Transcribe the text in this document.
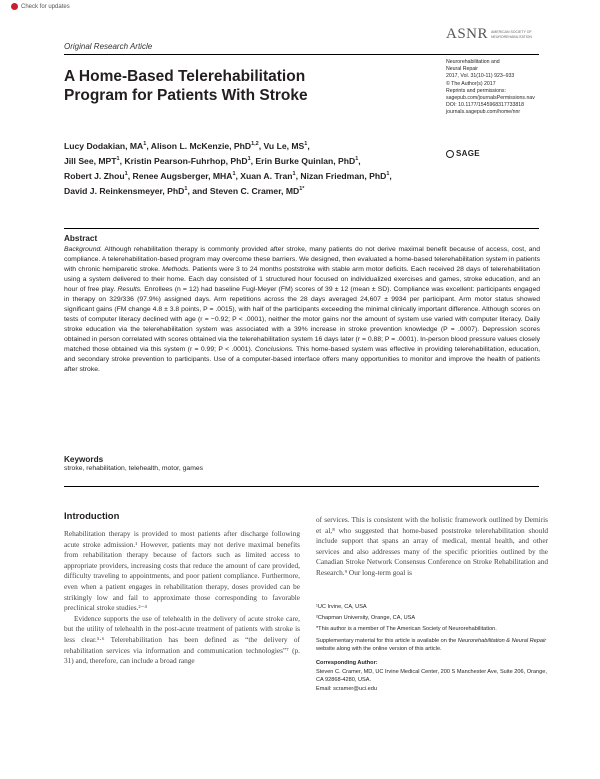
Check for updates
Original Research Article
ASNR AMERICAN SOCIETY OF NEUROREHABILITATION
A Home-Based Telerehabilitation Program for Patients With Stroke
Neurorehabilitation and
Neural Repair
2017, Vol. 31(10-11) 923–933
© The Author(s) 2017
Reprints and permissions:
sagepub.com/journalsPermissions.nav
DOI: 10.1177/1545968317733818
journals.sagepub.com/home/nnr
SAGE
Lucy Dodakian, $MA^1$, Alison L. McKenzie, PhD$^{1,2}$, Vu Le, $MS^1$,
Jill See, MPT$^1$, Kristin Pearson-Fuhrhop, PhD$^1$, Erin Burke Quinlan, PhD$^1$,
Robert J. Zhou$^1$, Renee Augsberger, MHA$^1$, Xuan A. Tran$^1$, Nizan Friedman, PhD$^1$,
David J. Reinkensmeyer, PhD$^1$, and Steven C. Cramer, $MD^{1*}$
Abstract

Background. Although rehabilitation therapy is commonly provided after stroke, many patients do not derive maximal benefit because of access, cost, and compliance. A telerehabilitation-based program may overcome these barriers. We designed, then evaluated a home-based telerehabilitation system in patients with chronic hemiparetic stroke. Methods. Patients were 3 to 24 months poststroke with stable arm motor deficits. Each received 28 days of telerehabilitation using a system delivered to their home. Each day consisted of 1 structured hour focused on individualized exercises and games, stroke education, and an hour of free play. Results. Enrollees (n = 12) had baseline Fugl-Meyer (FM) scores of 39 ± 12 (mean ± SD). Compliance was excellent: participants engaged in therapy on 329/336 (97.9%) assigned days. Arm repetitions across the 28 days averaged 24,607 ± 9934 per participant. Arm motor status showed significant gains (FM change 4.8 ± 3.8 points, P = .0015), with half of the participants exceeding the minimal clinically important difference. Although scores on tests of computer literacy declined with age (r = −0.92; P < .0001), neither the motor gains nor the amount of system use varied with computer literacy. Daily stroke education via the telerehabilitation system was associated with a 39% increase in stroke prevention knowledge (P = .0007). Depression scores obtained in person correlated with scores obtained via the telerehabilitation system 16 days later (r = 0.88; P = .0001). In-person blood pressure values closely matched those obtained via this system (r = 0.99; P < .0001). Conclusions. This home-based system was effective in providing telerehabilitation, education, and secondary stroke prevention to participants. Use of a computer-based interface offers many opportunities to monitor and improve the health of patients after stroke.

Keywords
stroke, rehabilitation, telehealth, motor, games
Introduction

Rehabilitation therapy is provided to most patients after discharge following acute stroke admission.¹ However, patients may not derive maximal benefits from rehabilitation therapy because of factors such as limited access to appropriate providers, increasing costs that reduce the amount of care provided, difficulty traveling to appointments, and poor patient compliance. Furthermore, even when a patient engages in rehabilitation therapy, doses provided can be strikingly low and fail to approximate those corresponding to favorable preclinical stroke studies.²⁻⁴

Evidence supports the use of telehealth in the delivery of acute stroke care, but the utility of telehealth in the post-acute treatment of patients with stroke is less clear.⁵·⁶ Telerehabilitation has been defined as “the delivery of rehabilitation services via information and communication technologies”⁷ (p. 31) and, therefore, can include a broad range

of services. This is consistent with the holistic framework outlined by Demiris et al,⁸ who suggested that home-based poststroke telerehabilitation should include support that spans an array of medical, mental health, and other services and also addresses many of the specific priorities outlined by the Canadian Stroke Network Consensus Conference on Stroke Rehabilitation and Research.⁹ Our long-term goal is

¹UC Irvine, CA, USA

²Chapman University, Orange, CA, USA

*This author is a member of The American Society of Neurorehabilitation.

Supplementary material for this article is available on the Neurorehabilitation & Neural Repair website along with the online version of this article.

Corresponding Author:

Steven C. Cramer, MD, UC Irvine Medical Center, 200 S Manchester Ave, Suite 206, Orange, CA 92868-4280, USA.

Email: scramer@uci.edu
